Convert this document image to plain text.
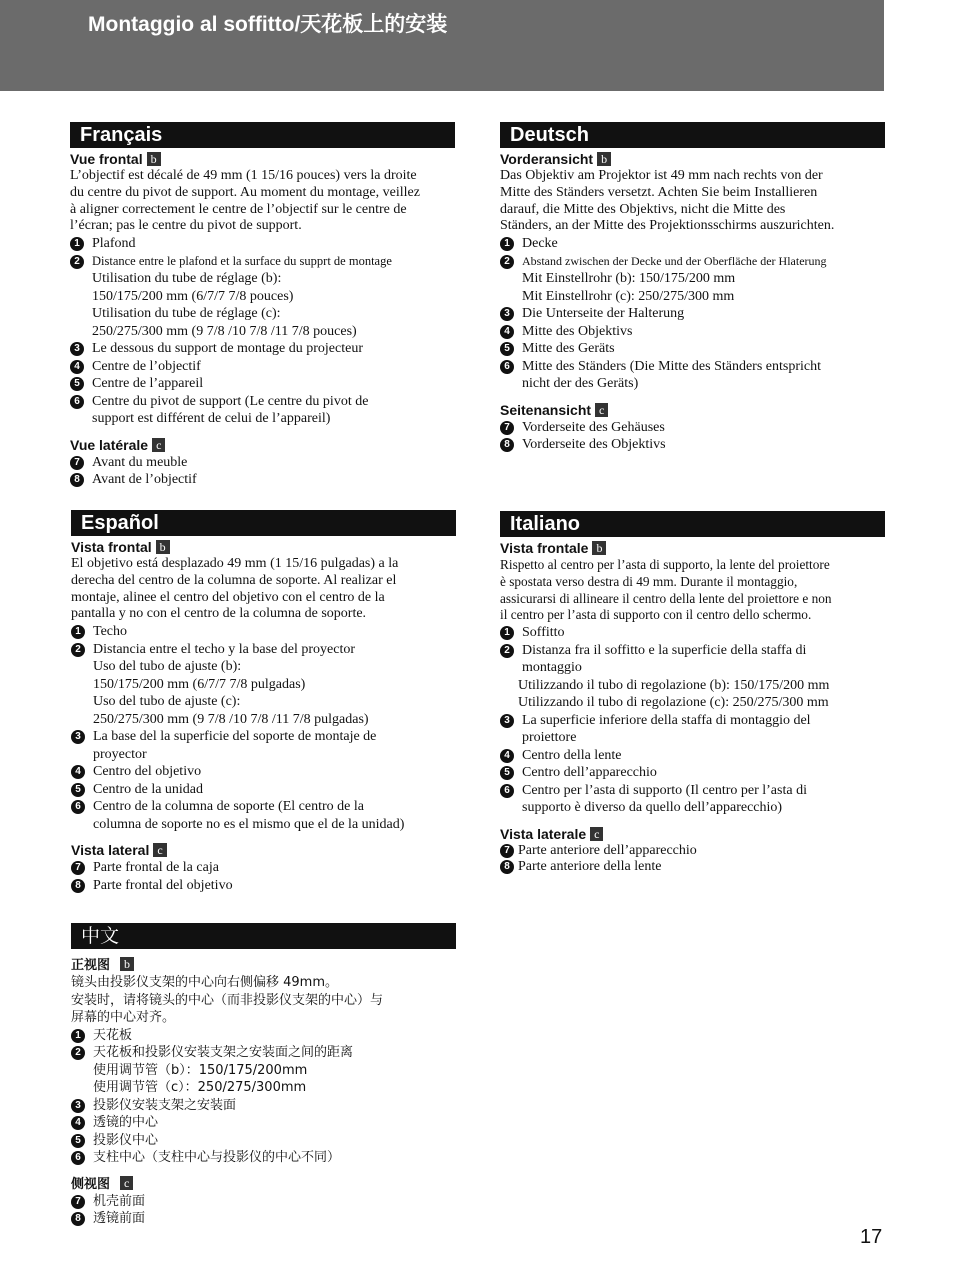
Montaggio al soffitto/天花板上的安装
Français
Vue frontal b
L’objectif est décalé de 49 mm (1 15/16 pouces) vers la droite
du centre du pivot de support. Au moment du montage, veillez
à aligner correctement le centre de l’objectif sur le centre de
l’écran; pas le centre du pivot de support.
1 Plafond
2 Distance entre le plafond et la surface du supprt de montage
Utilisation du tube de réglage (b):
150/175/200 mm (6/7/7 7/8 pouces)
Utilisation du tube de réglage (c):
250/275/300 mm (9 7/8 /10 7/8 /11 7/8 pouces)
3 Le dessous du support de montage du projecteur
4 Centre de l’objectif
5 Centre de l’appareil
6 Centre du pivot de support (Le centre du pivot de
support est différent de celui de l’appareil)
Vue latérale c
7 Avant du meuble
8 Avant de l’objectif
Deutsch
Vorderansicht b
Das Objektiv am Projektor ist 49 mm nach rechts von der
Mitte des Ständers versetzt. Achten Sie beim Installieren
darauf, die Mitte des Objektivs, nicht die Mitte des
Ständers, an der Mitte des Projektionsschirms auszurichten.
1 Decke
2	Abstand zwischen der Decke und der Oberfläche der Hlaterung
Mit Einstellrohr (b): 150/175/200 mm
Mit Einstellrohr (c): 250/275/300 mm
3 Die Unterseite der Halterung
4 Mitte des Objektivs
5 Mitte des Geräts
6 Mitte des Ständers (Die Mitte des Ständers entspricht
nicht der des Geräts)
Seitenansicht c
7 Vorderseite des Gehäuses
8 Vorderseite des Objektivs
Español
Vista frontal b
El objetivo está desplazado 49 mm (1 15/16 pulgadas) a la
derecha del centro de la columna de soporte. Al realizar el
montaje, alinee el centro del objetivo con el centro de la
pantalla y no con el centro de la columna de soporte.
1 Techo
2 Distancia entre el techo y la base del proyector
Uso del tubo de ajuste (b):
150/175/200 mm (6/7/7 7/8 pulgadas)
Uso del tubo de ajuste (c):
250/275/300 mm (9 7/8 /10 7/8 /11 7/8 pulgadas)
3 La base del la superficie del soporte de montaje de
proyector
4 Centro del objetivo
5 Centro de la unidad
6 Centro de la columna de soporte (El centro de la
columna de soporte no es el mismo que el de la unidad)
Vista lateral c
7 Parte frontal de la caja
8 Parte frontal del objetivo
Italiano
Vista frontale b
Rispetto al centro per l’asta di supporto, la lente del proiettore
è spostata verso destra di 49 mm. Durante il montaggio,
assicurarsi di allineare il centro della lente del proiettore e non
il centro per l’asta di supporto con il centro dello schermo.
1 Soffitto
2 Distanza fra il soffitto e la superficie della staffa di
montaggio
Utilizzando il tubo di regolazione (b): 150/175/200 mm
Utilizzando il tubo di regolazione (c): 250/275/300 mm
3 La superficie inferiore della staffa di montaggio del
proiettore
4 Centro della lente
5 Centro dell’apparecchio
6 Centro per l’asta di supporto (Il centro per l’asta di
supporto è diverso da quello dell’apparecchio)
Vista laterale c
7 Parte anteriore dell’apparecchio
8 Parte anteriore della lente
中文
正视图 b
镜头由投影仪支架的中心向右侧偏移 49mm。
安装时，请将镜头的中心（而非投影仪支架的中心）与
屏幕的中心对齐。
1 天花板
2 天花板和投影仪安装支架之安装面之间的距离
使用调节管（b）：150/175/200mm
使用调节管（c）：250/275/300mm
3 投影仪安装支架之安装面
4 透镜的中心
5 投影仪中心
6 支柱中心（支柱中心与投影仪的中心不同）
侧视图 c
7 机壳前面
8 透镜前面
17
